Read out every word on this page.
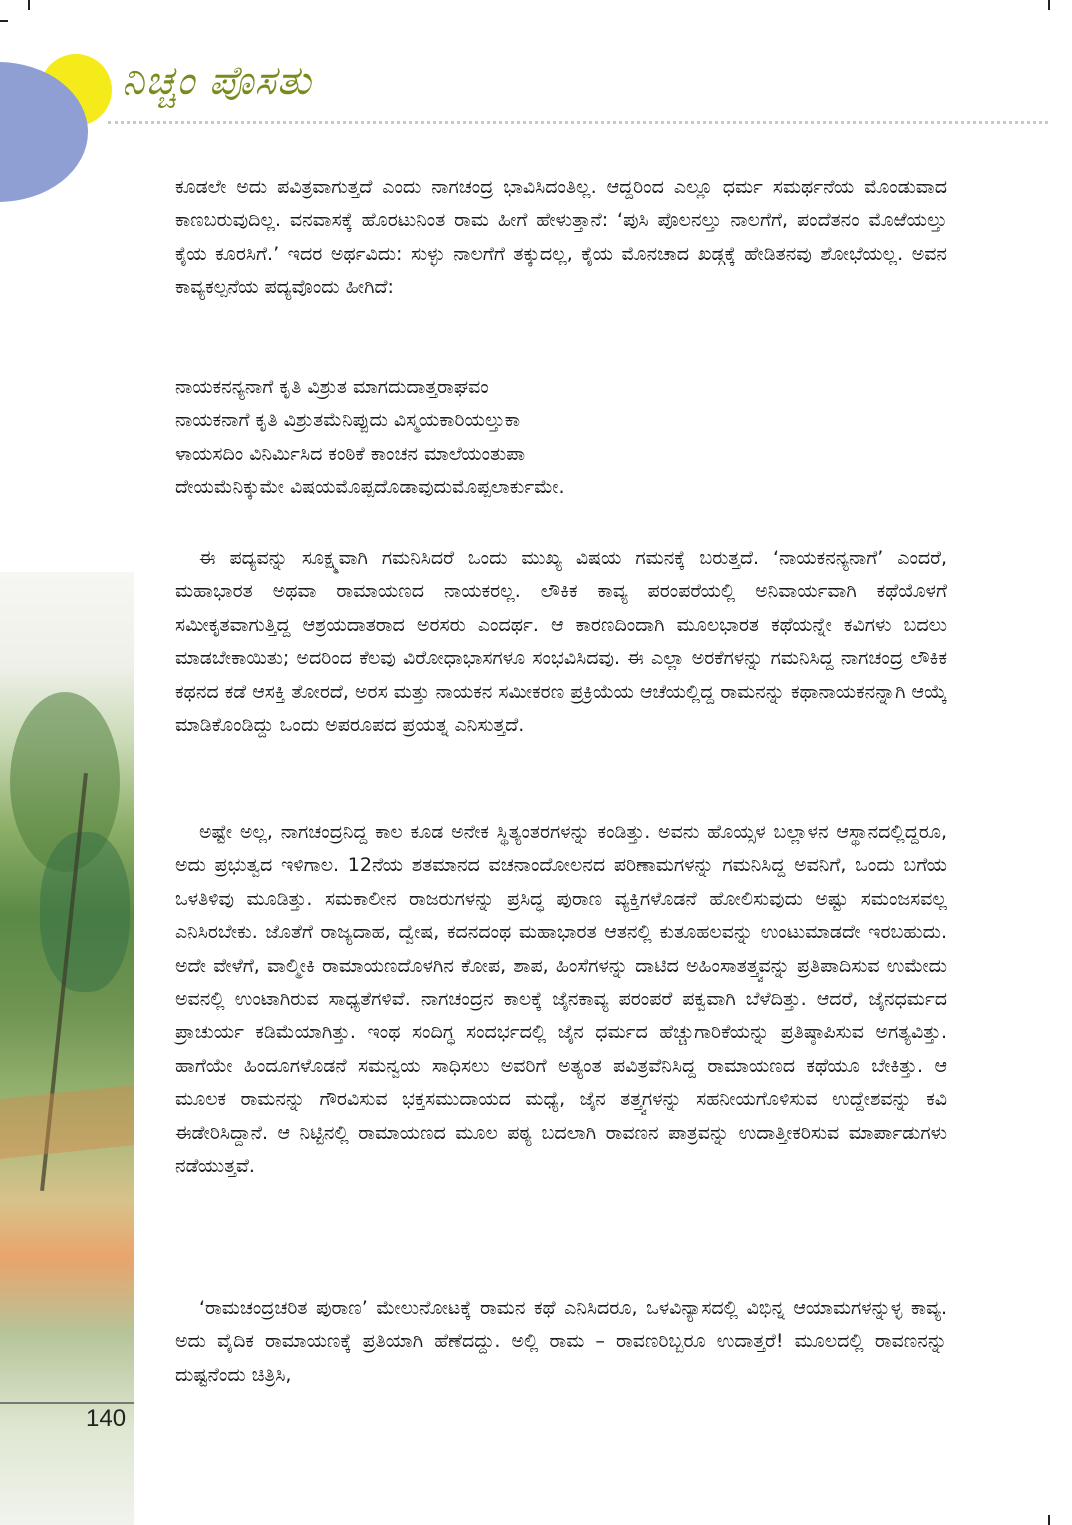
ನಿಚ್ಚಂ ಪೊಸತು
140

ಕೂಡಲೇ ಅದು ಪವಿತ್ರವಾಗುತ್ತದೆ ಎಂದು ನಾಗಚಂದ್ರ ಭಾವಿಸಿದಂತಿಲ್ಲ. ಆದ್ದರಿಂದ ಎಲ್ಲೂ ಧರ್ಮ ಸಮರ್ಥನೆಯ ಮೊಂಡುವಾದ ಕಾಣಬರುವುದಿಲ್ಲ. ವನವಾಸಕ್ಕೆ ಹೊರಟುನಿಂತ ರಾಮ ಹೀಗೆ ಹೇಳುತ್ತಾನೆ: ‘ಪುಸಿ ಪೊಲನಲ್ತು ನಾಲಗೆಗೆ, ಪಂದೆತನಂ ಮೊಱೆಯಲ್ತು ಕೈಯ ಕೂರಸಿಗೆ.’ ಇದರ ಅರ್ಥವಿದು: ಸುಳ್ಳು ನಾಲಗೆಗೆ ತಕ್ಕುದಲ್ಲ, ಕೈಯ ಮೊನಚಾದ ಖಡ್ಗಕ್ಕೆ ಹೇಡಿತನವು ಶೋಭೆಯಲ್ಲ. ಅವನ ಕಾವ್ಯಕಲ್ಪನೆಯ ಪದ್ಯವೊಂದು ಹೀಗಿದೆ:

ನಾಯಕನನ್ಯನಾಗೆ ಕೃತಿ ವಿಶ್ರುತ ಮಾಗದುದಾತ್ತರಾಘವಂ
ನಾಯಕನಾಗೆ ಕೃತಿ ವಿಶ್ರುತಮೆನಿಪ್ಪುದು ವಿಸ್ಮಯಕಾರಿಯಲ್ತುಕಾ
ಳಾಯಸದಿಂ ವಿನಿರ್ಮಿಸಿದ ಕಂಠಿಕೆ ಕಾಂಚನ ಮಾಲೆಯಂತುಪಾ
ದೇಯಮೆನಿಕ್ಕುಮೇ ವಿಷಯಮೊಪ್ಪದೊಡಾವುದುಮೊಪ್ಪಲಾರ್ಕುಮೇ.

ಈ ಪದ್ಯವನ್ನು ಸೂಕ್ಷ್ಮವಾಗಿ ಗಮನಿಸಿದರೆ ಒಂದು ಮುಖ್ಯ ವಿಷಯ ಗಮನಕ್ಕೆ ಬರುತ್ತದೆ. ‘ನಾಯಕನನ್ಯನಾಗೆ’ ಎಂದರೆ, ಮಹಾಭಾರತ ಅಥವಾ ರಾಮಾಯಣದ ನಾಯಕರಲ್ಲ. ಲೌಕಿಕ ಕಾವ್ಯ ಪರಂಪರೆಯಲ್ಲಿ ಅನಿವಾರ್ಯವಾಗಿ ಕಥೆಯೊಳಗೆ ಸಮೀಕೃತವಾಗುತ್ತಿದ್ದ ಆಶ್ರಯದಾತರಾದ ಅರಸರು ಎಂದರ್ಥ. ಆ ಕಾರಣದಿಂದಾಗಿ ಮೂಲಭಾರತ ಕಥೆಯನ್ನೇ ಕವಿಗಳು ಬದಲು ಮಾಡಬೇಕಾಯಿತು; ಅದರಿಂದ ಕೆಲವು ವಿರೋಧಾಭಾಸಗಳೂ ಸಂಭವಿಸಿದವು. ಈ ಎಲ್ಲಾ ಅರಕೆಗಳನ್ನು ಗಮನಿಸಿದ್ದ ನಾಗಚಂದ್ರ ಲೌಕಿಕ ಕಥನದ ಕಡೆ ಆಸಕ್ತಿ ತೋರದೆ, ಅರಸ ಮತ್ತು ನಾಯಕನ ಸಮೀಕರಣ ಪ್ರಕ್ರಿಯೆಯ ಆಚೆಯಲ್ಲಿದ್ದ ರಾಮನನ್ನು ಕಥಾನಾಯಕನನ್ನಾಗಿ ಆಯ್ಕೆ ಮಾಡಿಕೊಂಡಿದ್ದು ಒಂದು ಅಪರೂಪದ ಪ್ರಯತ್ನ ಎನಿಸುತ್ತದೆ.

ಅಷ್ಟೇ ಅಲ್ಲ, ನಾಗಚಂದ್ರನಿದ್ದ ಕಾಲ ಕೂಡ ಅನೇಕ ಸ್ಥಿತ್ಯಂತರಗಳನ್ನು ಕಂಡಿತ್ತು. ಅವನು ಹೊಯ್ಸಳ ಬಲ್ಲಾಳನ ಆಸ್ಥಾನದಲ್ಲಿದ್ದರೂ, ಅದು ಪ್ರಭುತ್ವದ ಇಳಿಗಾಲ. 12ನೆಯ ಶತಮಾನದ ವಚನಾಂದೋಲನದ ಪರಿಣಾಮಗಳನ್ನು ಗಮನಿಸಿದ್ದ ಅವನಿಗೆ, ಒಂದು ಬಗೆಯ ಒಳತಿಳಿವು ಮೂಡಿತ್ತು. ಸಮಕಾಲೀನ ರಾಜರುಗಳನ್ನು ಪ್ರಸಿದ್ಧ ಪುರಾಣ ವ್ಯಕ್ತಿಗಳೊಡನೆ ಹೋಲಿಸುವುದು ಅಷ್ಟು ಸಮಂಜಸವಲ್ಲ ಎನಿಸಿರಬೇಕು. ಜೊತೆಗೆ ರಾಜ್ಯದಾಹ, ದ್ವೇಷ, ಕದನದಂಥ ಮಹಾಭಾರತ ಆತನಲ್ಲಿ ಕುತೂಹಲವನ್ನು ಉಂಟುಮಾಡದೇ ಇರಬಹುದು. ಅದೇ ವೇಳೆಗೆ, ವಾಲ್ಮೀಕಿ ರಾಮಾಯಣದೊಳಗಿನ ಕೋಪ, ಶಾಪ, ಹಿಂಸೆಗಳನ್ನು ದಾಟಿದ ಅಹಿಂಸಾತತ್ತ್ವವನ್ನು ಪ್ರತಿಪಾದಿಸುವ ಉಮೇದು ಅವನಲ್ಲಿ ಉಂಟಾಗಿರುವ ಸಾಧ್ಯತೆಗಳಿವೆ. ನಾಗಚಂದ್ರನ ಕಾಲಕ್ಕೆ ಜೈನಕಾವ್ಯ ಪರಂಪರೆ ಪಕ್ವವಾಗಿ ಬೆಳೆದಿತ್ತು. ಆದರೆ, ಜೈನಧರ್ಮದ ಪ್ರಾಚುರ್ಯ ಕಡಿಮೆಯಾಗಿತ್ತು. ಇಂಥ ಸಂದಿಗ್ಧ ಸಂದರ್ಭದಲ್ಲಿ ಜೈನ ಧರ್ಮದ ಹೆಚ್ಚುಗಾರಿಕೆಯನ್ನು ಪ್ರತಿಷ್ಠಾಪಿಸುವ ಅಗತ್ಯವಿತ್ತು. ಹಾಗೆಯೇ ಹಿಂದೂಗಳೊಡನೆ ಸಮನ್ವಯ ಸಾಧಿಸಲು ಅವರಿಗೆ ಅತ್ಯಂತ ಪವಿತ್ರವೆನಿಸಿದ್ದ ರಾಮಾಯಣದ ಕಥೆಯೂ ಬೇಕಿತ್ತು. ಆ ಮೂಲಕ ರಾಮನನ್ನು ಗೌರವಿಸುವ ಭಕ್ತಸಮುದಾಯದ ಮಧ್ಯೆ, ಜೈನ ತತ್ತ್ವಗಳನ್ನು ಸಹನೀಯಗೊಳಿಸುವ ಉದ್ದೇಶವನ್ನು ಕವಿ ಈಡೇರಿಸಿದ್ದಾನೆ. ಆ ನಿಟ್ಟಿನಲ್ಲಿ ರಾಮಾಯಣದ ಮೂಲ ಪಠ್ಯ ಬದಲಾಗಿ ರಾವಣನ ಪಾತ್ರವನ್ನು ಉದಾತ್ತೀಕರಿಸುವ ಮಾರ್ಪಾಡುಗಳು ನಡೆಯುತ್ತವೆ.

‘ರಾಮಚಂದ್ರಚರಿತ ಪುರಾಣ’ ಮೇಲುನೋಟಕ್ಕೆ ರಾಮನ ಕಥೆ ಎನಿಸಿದರೂ, ಒಳವಿನ್ಯಾಸದಲ್ಲಿ ವಿಭಿನ್ನ ಆಯಾಮಗಳನ್ನುಳ್ಳ ಕಾವ್ಯ. ಅದು ವೈದಿಕ ರಾಮಾಯಣಕ್ಕೆ ಪ್ರತಿಯಾಗಿ ಹೆಣೆದದ್ದು. ಅಲ್ಲಿ ರಾಮ – ರಾವಣರಿಬ್ಬರೂ ಉದಾತ್ತರೆ! ಮೂಲದಲ್ಲಿ ರಾವಣನನ್ನು ದುಷ್ಟನೆಂದು ಚಿತ್ರಿಸಿ,
